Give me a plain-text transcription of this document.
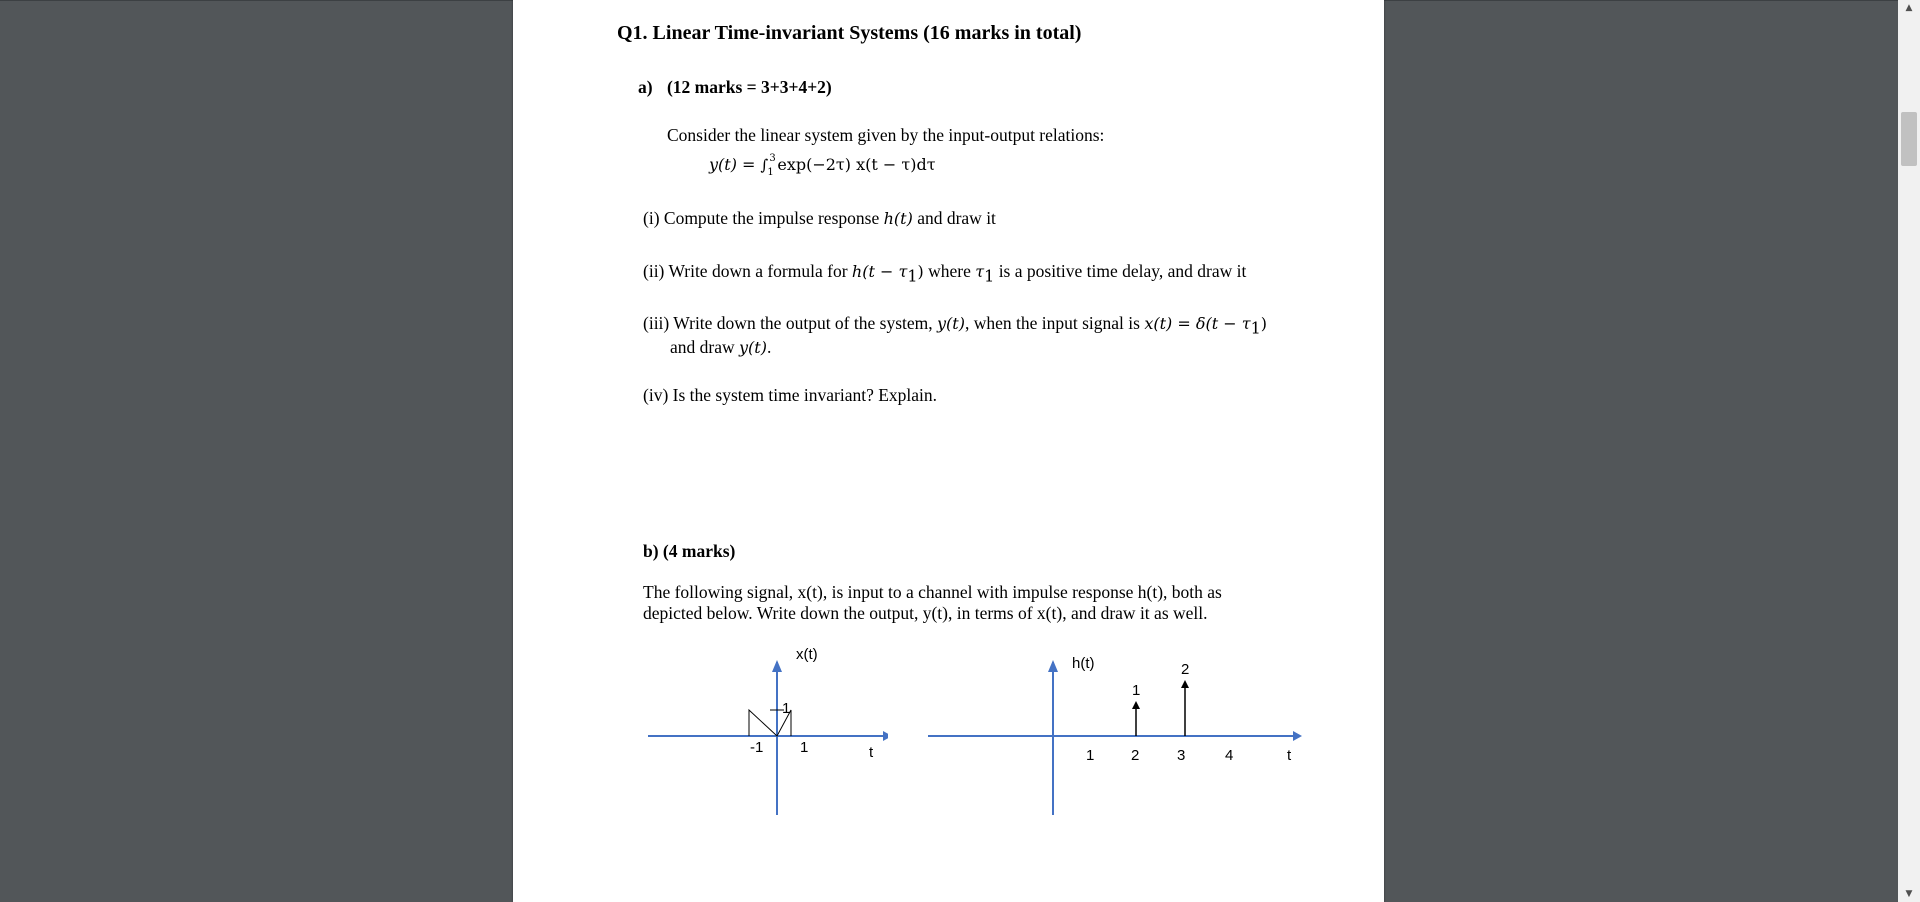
Q1. Linear Time-invariant Systems (16 marks in total)
a) (12 marks = 3+3+4+2)
Consider the linear system given by the input-output relations:
y(t) = ∫ 3
1 exp(−2τ) x(t − τ)dτ
(i) Compute the impulse response h(t) and draw it
(ii) Write down a formula for $h(t - \tau_1)$ where $\tau_1$ is a positive time delay, and draw it
(iii) Write down the output of the system, y(t), when the input signal is $x(t) = \delta(t - \tau_1)$
and draw y(t).
(iv) Is the system time invariant? Explain.
b) (4 marks)
The following signal, x(t), is input to a channel with impulse response h(t), both as
depicted below. Write down the output, y(t), in terms of x(t), and draw it as well.
x(t)
t
1
-1 1
h(t)
t
1 2	3	4
1
2
▲
▼
